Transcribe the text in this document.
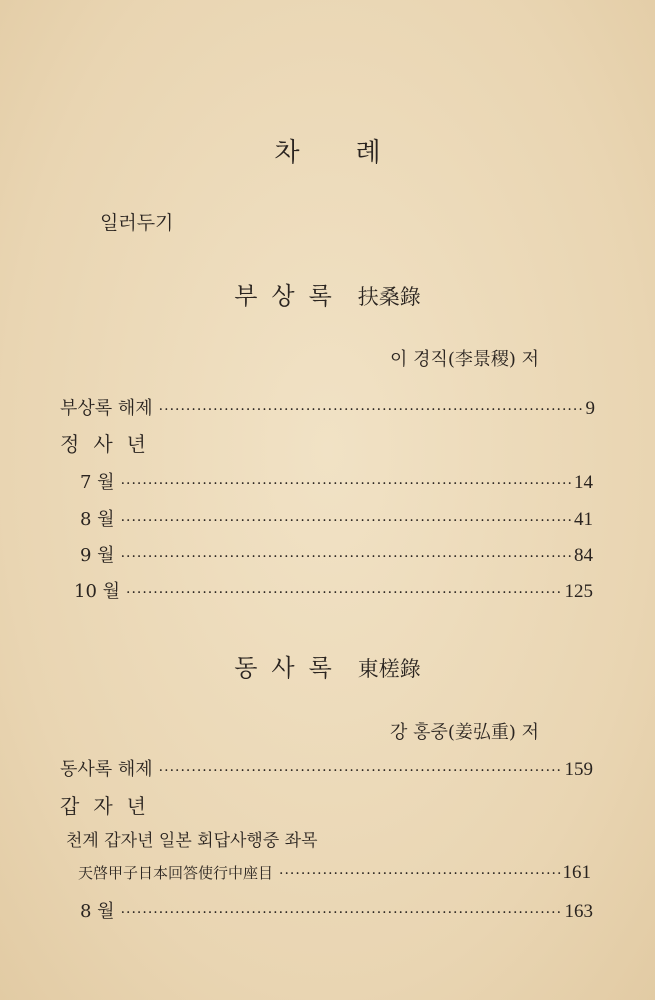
차 례
일러두기
부상록 扶桑錄
이 경직(李景稷) 저
부상록 해제 ·····	9
정사년
7 월 ·····	14
8 월 ·····	41
9 월 ·····	84
10 월 ·····	125
동사록 東槎錄
강 홍중(姜弘重) 저
동사록 해제 ·····	159
갑자년
천계 갑자년 일본 회답사행중 좌목
天啓甲子日本回答使行中座目 ·····	161
8 월 ·····	163
